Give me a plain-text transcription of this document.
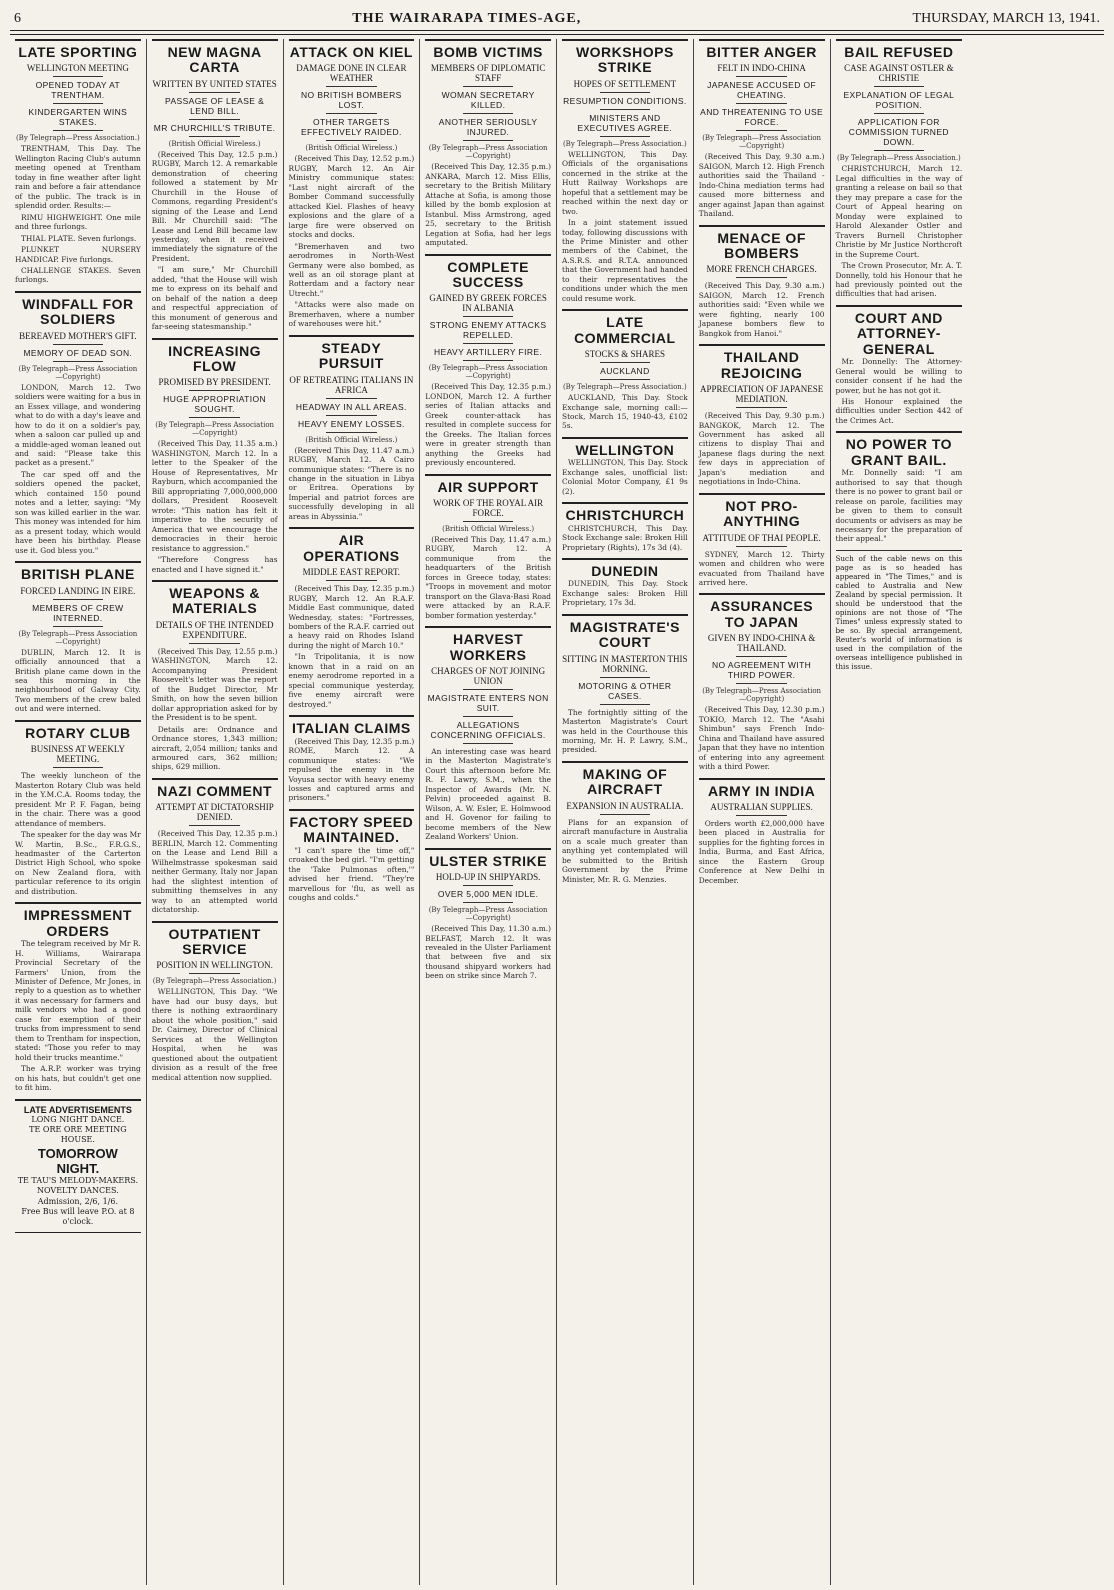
6	THE WAIRARAPA TIMES-AGE,	THURSDAY, MARCH 13, 1941.
LATE SPORTING
WELLINGTON MEETING
OPENED TODAY AT TRENTHAM.
KINDERGARTEN WINS STAKES.
(By Telegraph—Press Association.)

TRENTHAM, This Day. The Wellington Racing Club's autumn meeting opened at Trentham today in fine weather after light rain and before a fair attendance of the public. The track is in splendid order. Results:—

RIMU HIGHWEIGHT. One mile and three furlongs.

THIAL PLATE. Seven furlongs.

PLUNKET NURSERY HANDICAP. Five furlongs.

CHALLENGE STAKES. Seven furlongs.

WINDFALL FOR SOLDIERS
BEREAVED MOTHER'S GIFT.
MEMORY OF DEAD SON.
(By Telegraph—Press Association—Copyright)

LONDON, March 12. Two soldiers were waiting for a bus in an Essex village, and wondering what to do with a day's leave and how to do it on a soldier's pay, when a saloon car pulled up and a middle-aged woman leaned out and said: "Please take this packet as a present."

The car sped off and the soldiers opened the packet, which contained 150 pound notes and a letter, saying: "My son was killed earlier in the war. This money was intended for him as a present today, which would have been his birthday. Please use it. God bless you."

BRITISH PLANE
FORCED LANDING IN EIRE.
MEMBERS OF CREW INTERNED.
(By Telegraph—Press Association—Copyright)

DUBLIN, March 12. It is officially announced that a British plane came down in the sea this morning in the neighbourhood of Galway City. Two members of the crew baled out and were interned.

ROTARY CLUB
BUSINESS AT WEEKLY MEETING.

The weekly luncheon of the Masterton Rotary Club was held in the Y.M.C.A. Rooms today, the president Mr P. F. Fagan, being in the chair. There was a good attendance of members.

The speaker for the day was Mr W. Martin, B.Sc., F.R.G.S., headmaster of the Carterton District High School, who spoke on New Zealand flora, with particular reference to its origin and distribution.

IMPRESSMENT ORDERS

The telegram received by Mr R. H. Williams, Wairarapa Provincial Secretary of the Farmers' Union, from the Minister of Defence, Mr Jones, in reply to a question as to whether it was necessary for farmers and milk vendors who had a good case for exemption of their trucks from impressment to send them to Trentham for inspection, stated: "Those you refer to may hold their trucks meantime."

The A.R.P. worker was trying on his hats, but couldn't get one to fit him.

LATE ADVERTISEMENTS
LONG NIGHT DANCE.
TE ORE ORE MEETING HOUSE.
TOMORROW NIGHT.
TE TAU'S MELODY-MAKERS.
NOVELTY DANCES.
Admission, 2/6, 1/6.
Free Bus will leave P.O. at 8 o'clock.
NEW MAGNA CARTA
WRITTEN BY UNITED STATES
PASSAGE OF LEASE & LEND BILL.
MR CHURCHILL'S TRIBUTE.
(British Official Wireless.)

(Received This Day, 12.5 p.m.) RUGBY, March 12. A remarkable demonstration of cheering followed a statement by Mr Churchill in the House of Commons, regarding President's signing of the Lease and Lend Bill. Mr Churchill said: "The Lease and Lend Bill became law yesterday, when it received immediately the signature of the President.

"I am sure," Mr Churchill added, "that the House will wish me to express on its behalf and on behalf of the nation a deep and respectful appreciation of this monument of generous and far-seeing statesmanship."

INCREASING FLOW
PROMISED BY PRESIDENT.
HUGE APPROPRIATION SOUGHT.
(By Telegraph—Press Association—Copyright)

(Received This Day, 11.35 a.m.) WASHINGTON, March 12. In a letter to the Speaker of the House of Representatives, Mr Rayburn, which accompanied the Bill appropriating 7,000,000,000 dollars, President Roosevelt wrote: "This nation has felt it imperative to the security of America that we encourage the democracies in their heroic resistance to aggression."

"Therefore Congress has enacted and I have signed it."

WEAPONS & MATERIALS
DETAILS OF THE INTENDED EXPENDITURE.

(Received This Day, 12.55 p.m.) WASHINGTON, March 12. Accompanying President Roosevelt's letter was the report of the Budget Director, Mr Smith, on how the seven billion dollar appropriation asked for by the President is to be spent.

Details are: Ordnance and Ordnance stores, 1,343 million; aircraft, 2,054 million; tanks and armoured cars, 362 million; ships, 629 million.

NAZI COMMENT
ATTEMPT AT DICTATORSHIP DENIED.

(Received This Day, 12.35 p.m.) BERLIN, March 12. Commenting on the Lease and Lend Bill a Wilhelmstrasse spokesman said neither Germany, Italy nor Japan had the slightest intention of submitting themselves in any way to an attempted world dictatorship.

OUTPATIENT SERVICE
POSITION IN WELLINGTON.
(By Telegraph—Press Association.)

WELLINGTON, This Day. "We have had our busy days, but there is nothing extraordinary about the whole position," said Dr. Cairney, Director of Clinical Services at the Wellington Hospital, when he was questioned about the outpatient division as a result of the free medical attention now supplied.

ATTACK ON KIEL
DAMAGE DONE IN CLEAR WEATHER
NO BRITISH BOMBERS LOST.
OTHER TARGETS EFFECTIVELY RAIDED.
(British Official Wireless.)

(Received This Day, 12.52 p.m.) RUGBY, March 12. An Air Ministry communique states: "Last night aircraft of the Bomber Command successfully attacked Kiel. Flashes of heavy explosions and the glare of a large fire were observed on stocks and docks.

"Bremerhaven and two aerodromes in North-West Germany were also bombed, as well as an oil storage plant at Rotterdam and a factory near Utrecht."

"Attacks were also made on Bremerhaven, where a number of warehouses were hit."

STEADY PURSUIT
OF RETREATING ITALIANS IN AFRICA
HEADWAY IN ALL AREAS.
HEAVY ENEMY LOSSES.
(British Official Wireless.)

(Received This Day, 11.47 a.m.) RUGBY, March 12. A Cairo communique states: "There is no change in the situation in Libya or Eritrea. Operations by Imperial and patriot forces are successfully developing in all areas in Abyssinia."

AIR OPERATIONS
MIDDLE EAST REPORT.

(Received This Day, 12.35 p.m.) RUGBY, March 12. An R.A.F. Middle East communique, dated Wednesday, states: "Fortresses, bombers of the R.A.F. carried out a heavy raid on Rhodes Island during the night of March 10."

"In Tripolitania, it is now known that in a raid on an enemy aerodrome reported in a special communique yesterday, five enemy aircraft were destroyed."

ITALIAN CLAIMS

(Received This Day, 12.35 p.m.) ROME, March 12. A communique states: "We repulsed the enemy in the Voyusa sector with heavy enemy losses and captured arms and prisoners."

FACTORY SPEED MAINTAINED.

"I can't spare the time off," croaked the bed girl. "I'm getting the 'Take Pulmonas often,'" advised her friend. "They're marvellous for 'flu, as well as coughs and colds."

BOMB VICTIMS
MEMBERS OF DIPLOMATIC STAFF
WOMAN SECRETARY KILLED.
ANOTHER SERIOUSLY INJURED.
(By Telegraph—Press Association—Copyright)

(Received This Day, 12.35 p.m.) ANKARA, March 12. Miss Ellis, secretary to the British Military Attache at Sofia, is among those killed by the bomb explosion at Istanbul. Miss Armstrong, aged 25, secretary to the British Legation at Sofia, had her legs amputated.

COMPLETE SUCCESS
GAINED BY GREEK FORCES IN ALBANIA
STRONG ENEMY ATTACKS REPELLED.
HEAVY ARTILLERY FIRE.
(By Telegraph—Press Association—Copyright)

(Received This Day, 12.35 p.m.) LONDON, March 12. A further series of Italian attacks and Greek counter-attack has resulted in complete success for the Greeks. The Italian forces were in greater strength than anything the Greeks had previously encountered.

AIR SUPPORT
WORK OF THE ROYAL AIR FORCE.
(British Official Wireless.)

(Received This Day, 11.47 a.m.) RUGBY, March 12. A communique from the headquarters of the British forces in Greece today, states: "Troops in movement and motor transport on the Glava-Basi Road were attacked by an R.A.F. bomber formation yesterday."

HARVEST WORKERS
CHARGES OF NOT JOINING UNION
MAGISTRATE ENTERS NON SUIT.
ALLEGATIONS CONCERNING OFFICIALS.

An interesting case was heard in the Masterton Magistrate's Court this afternoon before Mr. R. F. Lawry, S.M., when the Inspector of Awards (Mr. N. Pelvin) proceeded against B. Wilson, A. W. Esler, E. Holmwood and H. Govenor for failing to become members of the New Zealand Workers' Union.

ULSTER STRIKE
HOLD-UP IN SHIPYARDS.
OVER 5,000 MEN IDLE.
(By Telegraph—Press Association—Copyright)

(Received This Day, 11.30 a.m.) BELFAST, March 12. It was revealed in the Ulster Parliament that between five and six thousand shipyard workers had been on strike since March 7.

WORKSHOPS STRIKE
HOPES OF SETTLEMENT
RESUMPTION CONDITIONS.
MINISTERS AND EXECUTIVES AGREE.
(By Telegraph—Press Association.)

WELLINGTON, This Day. Officials of the organisations concerned in the strike at the Hutt Railway Workshops are hopeful that a settlement may be reached within the next day or two.

In a joint statement issued today, following discussions with the Prime Minister and other members of the Cabinet, the A.S.R.S. and R.T.A. announced that the Government had handed to their representatives the conditions under which the men could resume work.

LATE COMMERCIAL
STOCKS & SHARES
AUCKLAND
(By Telegraph—Press Association.)

AUCKLAND, This Day. Stock Exchange sale, morning call:—Stock, March 15, 1940-43, £102 5s.

WELLINGTON

WELLINGTON, This Day. Stock Exchange sales, unofficial list: Colonial Motor Company, £1 9s (2).

CHRISTCHURCH

CHRISTCHURCH, This Day. Stock Exchange sale: Broken Hill Proprietary (Rights), 17s 3d (4).

DUNEDIN

DUNEDIN, This Day. Stock Exchange sales: Broken Hill Proprietary, 17s 3d.

MAGISTRATE'S COURT
SITTING IN MASTERTON THIS MORNING.
MOTORING & OTHER CASES.

The fortnightly sitting of the Masterton Magistrate's Court was held in the Courthouse this morning, Mr. H. P. Lawry, S.M., presided.

MAKING OF AIRCRAFT
EXPANSION IN AUSTRALIA.

Plans for an expansion of aircraft manufacture in Australia on a scale much greater than anything yet contemplated will be submitted to the British Government by the Prime Minister, Mr. R. G. Menzies.

BITTER ANGER
FELT IN INDO-CHINA
JAPANESE ACCUSED OF CHEATING.
AND THREATENING TO USE FORCE.
(By Telegraph—Press Association—Copyright)

(Received This Day, 9.30 a.m.) SAIGON, March 12. High French authorities said the Thailand - Indo-China mediation terms had caused more bitterness and anger against Japan than against Thailand.

MENACE OF BOMBERS
MORE FRENCH CHARGES.

(Received This Day, 9.30 a.m.) SAIGON, March 12. French authorities said: "Even while we were fighting, nearly 100 Japanese bombers flew to Bangkok from Hanoi."

THAILAND REJOICING
APPRECIATION OF JAPANESE MEDIATION.

(Received This Day, 9.30 p.m.) BANGKOK, March 12. The Government has asked all citizens to display Thai and Japanese flags during the next few days in appreciation of Japan's mediation and negotiations in Indo-China.

NOT PRO-ANYTHING
ATTITUDE OF THAI PEOPLE.

SYDNEY, March 12. Thirty women and children who were evacuated from Thailand have arrived here.

ASSURANCES TO JAPAN
GIVEN BY INDO-CHINA & THAILAND.
NO AGREEMENT WITH THIRD POWER.
(By Telegraph—Press Association—Copyright)

(Received This Day, 12.30 p.m.) TOKIO, March 12. The "Asahi Shimbun" says French Indo-China and Thailand have assured Japan that they have no intention of entering into any agreement with a third Power.

ARMY IN INDIA
AUSTRALIAN SUPPLIES.

Orders worth £2,000,000 have been placed in Australia for supplies for the fighting forces in India, Burma, and East Africa, since the Eastern Group Conference at New Delhi in December.

BAIL REFUSED
CASE AGAINST OSTLER & CHRISTIE
EXPLANATION OF LEGAL POSITION.
APPLICATION FOR COMMISSION TURNED DOWN.
(By Telegraph—Press Association.)

CHRISTCHURCH, March 12. Legal difficulties in the way of granting a release on bail so that they may prepare a case for the Court of Appeal hearing on Monday were explained to Harold Alexander Ostler and Travers Burnell Christopher Christie by Mr Justice Northcroft in the Supreme Court.

The Crown Prosecutor, Mr. A. T. Donnelly, told his Honour that he had previously pointed out the difficulties that had arisen.

COURT AND ATTORNEY-GENERAL

Mr. Donnelly: The Attorney-General would be willing to consider consent if he had the power, but he has not got it.

His Honour explained the difficulties under Section 442 of the Crimes Act.

NO POWER TO GRANT BAIL.

Mr. Donnelly said: "I am authorised to say that though there is no power to grant bail or release on parole, facilities may be given to them to consult documents or advisers as may be necessary for the preparation of their appeal."

Such of the cable news on this page as is so headed has appeared in "The Times," and is cabled to Australia and New Zealand by special permission. It should be understood that the opinions are not those of "The Times" unless expressly stated to be so. By special arrangement, Reuter's world of information is used in the compilation of the overseas intelligence published in this issue.
